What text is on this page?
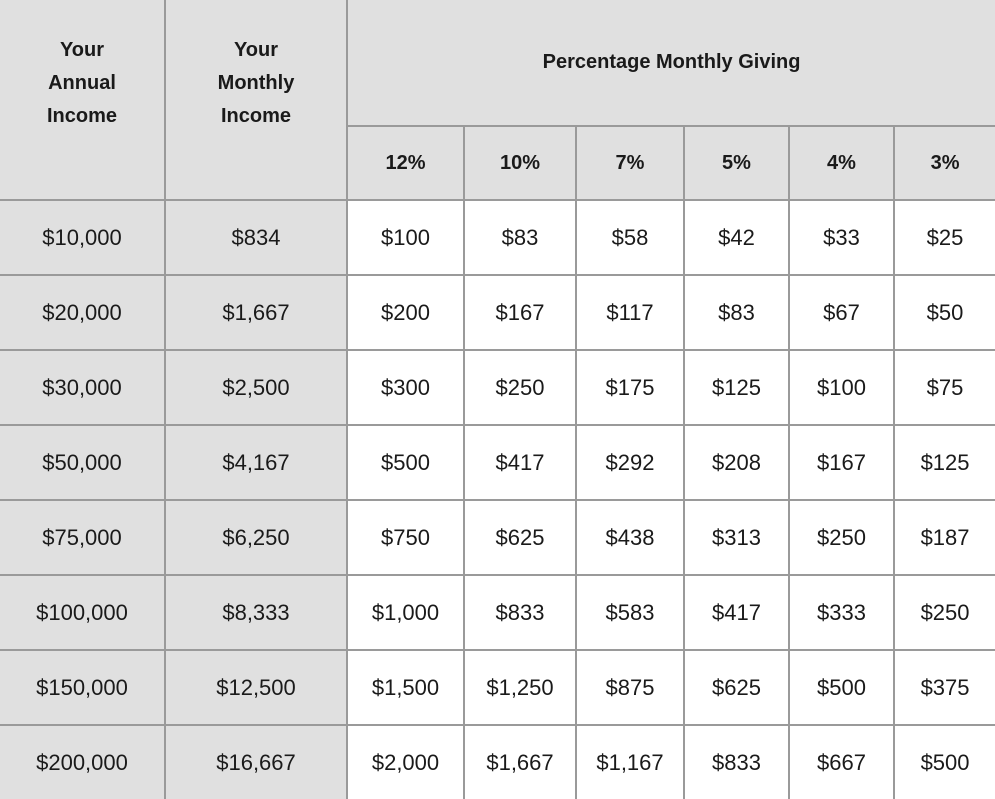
Your
Annual
Income	Your
Monthly
Income	Percentage Monthly Giving					
		12%	10%	7%	5%	4%	3%
$10,000	$834	$100	$83	$58	$42	$33	$25
$20,000	$1,667	$200	$167	$117	$83	$67	$50
$30,000	$2,500	$300	$250	$175	$125	$100	$75
$50,000	$4,167	$500	$417	$292	$208	$167	$125
$75,000	$6,250	$750	$625	$438	$313	$250	$187
$100,000	$8,333	$1,000	$833	$583	$417	$333	$250
$150,000	$12,500	$1,500	$1,250	$875	$625	$500	$375
$200,000	$16,667	$2,000	$1,667	$1,167	$833	$667	$500
